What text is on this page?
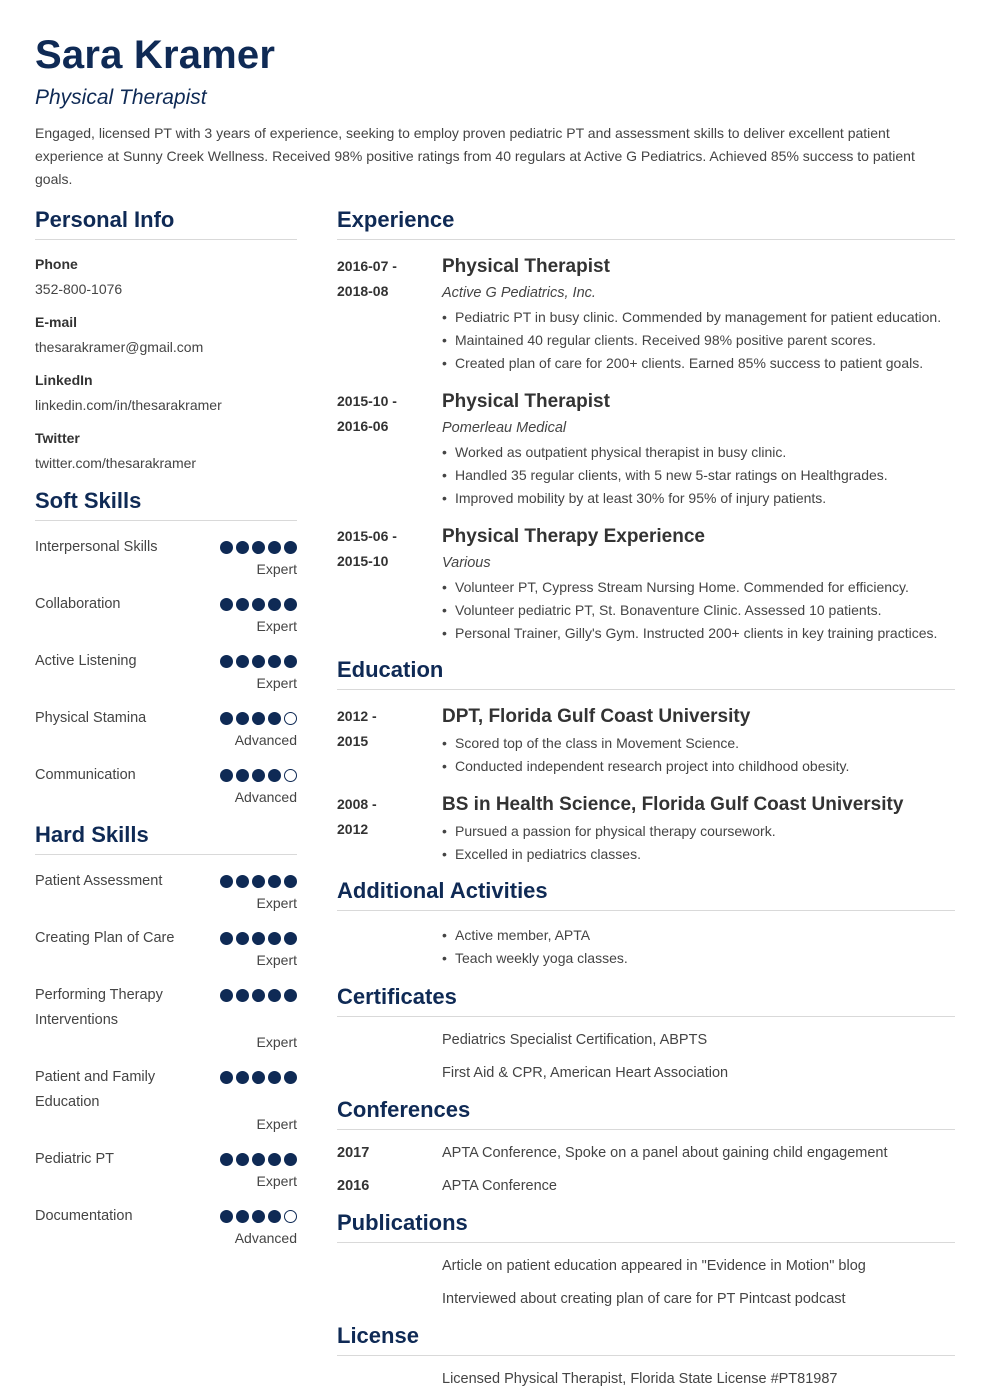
Sara Kramer
Physical Therapist
Engaged, licensed PT with 3 years of experience, seeking to employ proven pediatric PT and assessment skills to deliver excellent patient experience at Sunny Creek Wellness. Received 98% positive ratings from 40 regulars at Active G Pediatrics. Achieved 85% success to patient goals.
Personal Info
Phone
352-800-1076
E-mail
thesarakramer@gmail.com
LinkedIn
linkedin.com/in/thesarakramer
Twitter
twitter.com/thesarakramer
Soft Skills
Interpersonal Skills
Expert
Collaboration
Expert
Active Listening
Expert
Physical Stamina
Advanced
Communication
Advanced
Hard Skills
Patient Assessment
Expert
Creating Plan of Care
Expert
Performing Therapy Interventions
Expert
Patient and Family Education
Expert
Pediatric PT
Expert
Documentation
Advanced
Experience
2016-07 -
2018-08
Physical Therapist
Active G Pediatrics, Inc.
• Pediatric PT in busy clinic. Commended by management for patient education.
• Maintained 40 regular clients. Received 98% positive parent scores.
• Created plan of care for 200+ clients. Earned 85% success to patient goals.
2015-10 -
2016-06
Physical Therapist
Pomerleau Medical
• Worked as outpatient physical therapist in busy clinic.
• Handled 35 regular clients, with 5 new 5-star ratings on Healthgrades.
• Improved mobility by at least 30% for 95% of injury patients.
2015-06 -
2015-10
Physical Therapy Experience
Various
• Volunteer PT, Cypress Stream Nursing Home. Commended for efficiency.
• Volunteer pediatric PT, St. Bonaventure Clinic. Assessed 10 patients.
• Personal Trainer, Gilly's Gym. Instructed 200+ clients in key training practices.
Education
2012 -
2015
DPT, Florida Gulf Coast University
• Scored top of the class in Movement Science.
• Conducted independent research project into childhood obesity.
2008 -
2012
BS in Health Science, Florida Gulf Coast University
• Pursued a passion for physical therapy coursework.
• Excelled in pediatrics classes.
Additional Activities
• Active member, APTA
• Teach weekly yoga classes.
Certificates
Pediatrics Specialist Certification, ABPTS
First Aid & CPR, American Heart Association
Conferences
2017	APTA Conference, Spoke on a panel about gaining child engagement
2016	APTA Conference
Publications
Article on patient education appeared in "Evidence in Motion" blog
Interviewed about creating plan of care for PT Pintcast podcast
License
Licensed Physical Therapist, Florida State License #PT81987
